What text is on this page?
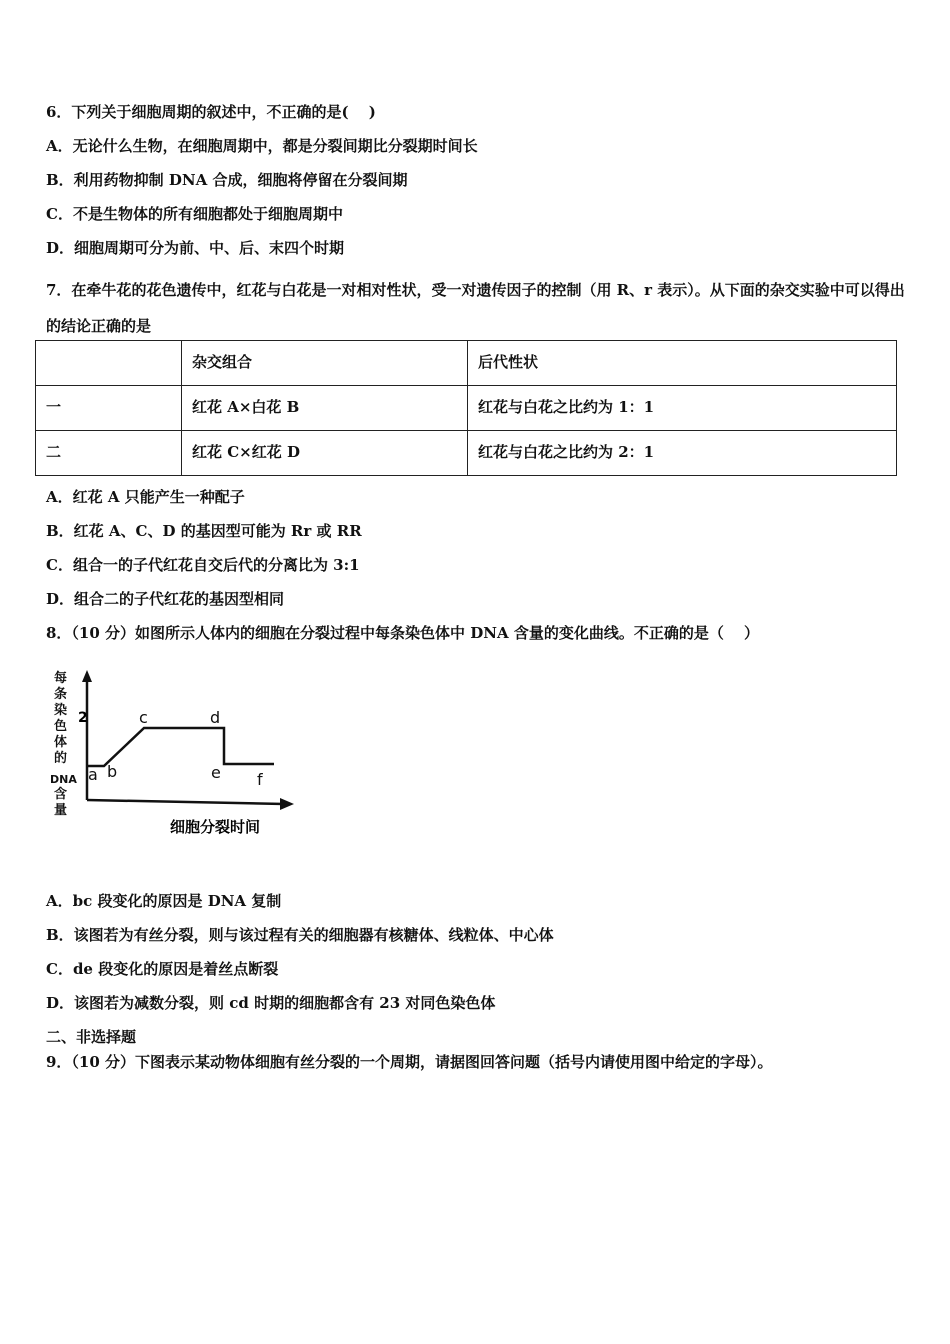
6．下列关于细胞周期的叙述中，不正确的是(　 )
A．无论什么生物，在细胞周期中，都是分裂间期比分裂期时间长
B．利用药物抑制 DNA 合成，细胞将停留在分裂间期
C．不是生物体的所有细胞都处于细胞周期中
D．细胞周期可分为前、中、后、末四个时期
7．在牵牛花的花色遗传中，红花与白花是一对相对性状，受一对遗传因子的控制（用 R、r 表示）。从下面的杂交实验中可以得出的结论正确的是
	杂交组合	后代性状
一	红花 A×白花 B	红花与白花之比约为 1：1
二	红花 C×红花 D	红花与白花之比约为 2：1
A．红花 A 只能产生一种配子
B．红花 A、C、D 的基因型可能为 Rr 或 RR
C．组合一的子代红花自交后代的分离比为 3:1
D．组合二的子代红花的基因型相同
8．（10 分）如图所示人体内的细胞在分裂过程中每条染色体中 DNA 含量的变化曲线。不正确的是（　 ）
每
条
染
色
体
的
DNA
含
量
2
a b
c	d
e f
细胞分裂时间
A．bc 段变化的原因是 DNA 复制
B．该图若为有丝分裂，则与该过程有关的细胞器有核糖体、线粒体、中心体
C．de 段变化的原因是着丝点断裂
D．该图若为减数分裂，则 cd 时期的细胞都含有 23 对同色染色体
二、非选择题
9．（10 分）下图表示某动物体细胞有丝分裂的一个周期，请据图回答问题（括号内请使用图中给定的字母）。
